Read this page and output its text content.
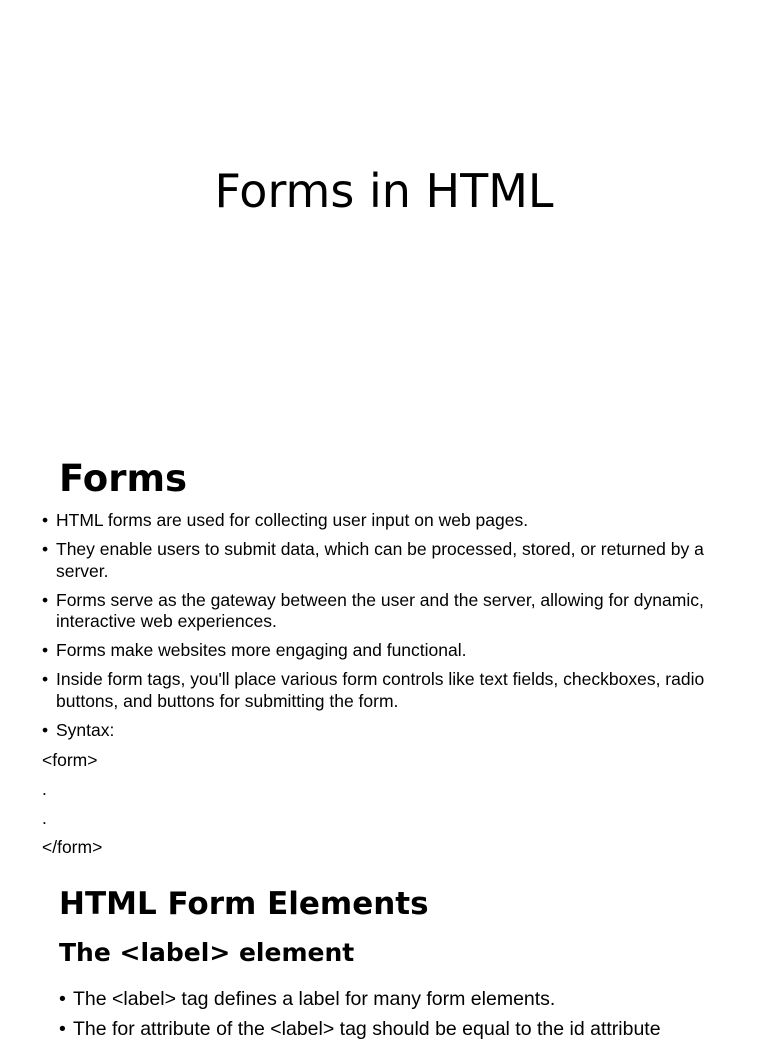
Forms in HTML
Forms
• HTML forms are used for collecting user input on web pages.
• They enable users to submit data, which can be processed, stored, or returned by a server.
• Forms serve as the gateway between the user and the server, allowing for dynamic, interactive web experiences.
• Forms make websites more engaging and functional.
• Inside form tags, you'll place various form controls like text fields, checkboxes, radio buttons, and buttons for submitting the form.
• Syntax:
<form>
.
.
</form>
HTML Form Elements
The <label> element
• The <label> tag defines a label for many form elements.
• The for attribute of the <label> tag should be equal to the id attribute
